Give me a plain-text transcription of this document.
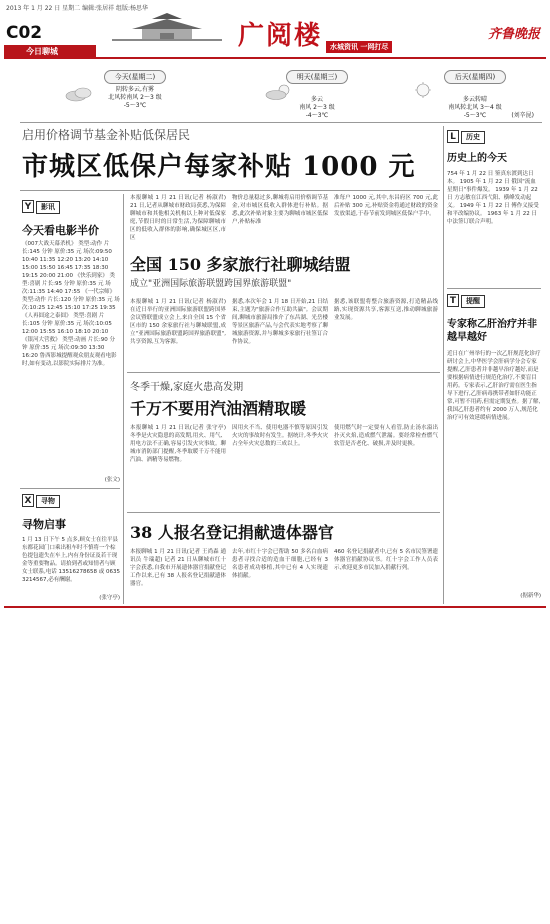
2013 年 1 月 22 日 星期二 编辑:张居祥 组版:杨思华
C02
今日聊城
广阅楼	水城资讯 一网打尽
齐鲁晚报
今天(星期二)
阴转多云,有雾
北风转南风 2～3 级
-5～3℃
明天(星期三)
多云
南风 2～3 级
-4～3℃
后天(星期四)
多云转晴
南风转北风 3～4 级
-5～3℃	(刘辛昆)
启用价格调节基金补贴低保居民
市城区低保户每家补贴 1000 元
本报聊城 1 月 21 日讯(记者 杨淑君) 21 日,记者从聊城市财政局获悉,为保障聊城市和其他相关机构以上种对低保家庭,节假日时的日常生活,为保障聊城市区的低收入群体的影响,确保城区区,市区
物价总量稳过多,聊城将启用价格调节基金,对市城区低收入群体进行补贴。据悉,此次补贴对象主要为聊城市城区低保户,补贴标准
准每户 1000 元,其中,东昌府区 700 元,此后补贴 300 元,补贴资金将通过财政的资金发放渠道,于春节前发到城区低保户手中。
全国 150 多家旅行社聊城结盟
成立"亚洲国际旅游联盟跨国界旅游联盟"
本报聊城 1 月 21 日讯(记者 杨淑君) 在近日举行的亚洲国际旅游联盟跨国界会议暨联盟成立会上,来自全国 15 个省区市的 150 余家旅行社与聊城联盟,成立"亚洲国际旅游联盟跨国界旅游联盟",共享资源,互为客源。
据悉,本次年会 1 月 18 日开始,21 日结束,主题为"旅游合作互助共赢"。会议期间,聊城市旅游局推介了东昌湖、光岳楼等景区旅游产品,与会代表实地考察了聊城旅游资源,并与聊城多家旅行社签订合作协议。
据悉,该联盟将整合旅游资源,打造精品线路,实现资源共享,客源互送,推动聊城旅游业发展。
冬季干燥,家庭火患高发期
千万不要用汽油酒精取暖
本报聊城 1 月 21 日讯(记者 张守亭) 冬季是火灾隐患的高发期,用火、用气、用电方法不正确,容易引发火灾事故。聊城市消防部门提醒,冬季取暖千万不能用汽油、酒精等易燃物。
因用火不当、使用电器不慎等原因引发火灾的事故时有发生。据统计,冬季火灾占全年火灾总数的三成以上。
使用燃气时一定要有人看管,防止汤水溢出扑灭火焰,造成燃气泄漏。要经常检查燃气软管是否老化、破损,并及时更换。
38 人报名登记捐献遗体器官
本报聊城 1 月 21 日讯(记者 王尚森 通讯员 牛瑞超) 记者 21 日从聊城市红十字会获悉,自我市开展遗体器官捐献登记工作以来,已有 38 人报名登记捐献遗体器官。
去年,市红十字会已帮助 50 多名白血病患者寻找合适的造血干细胞,已经有 3 名患者成功移植,其中已有 4 人实现遗体捐献。
460 名登记捐献者中,已有 5 名市民签署遗体器官捐献协议书。红十字会工作人员表示,欢迎更多市民加入捐献行列。
Y 影讯
今天看电影半价
《007大战天幕杀机》 类型:动作 片长:145 分钟 原价:35 元 场次:09:50 10:40 11:35 12:20 13:20 14:10 15:00 15:50 16:45 17:35 18:30 19:15 20:00 21:00 《快乐到家》 类型:喜剧 片长:95 分钟 原价:35 元 场次:11:35 14:40 17:55 《一代宗师》 类型:动作 片长:120 分钟 原价:35 元 场次:10:25 12:45 15:10 17:25 19:35 《人再囧途之泰囧》 类型:喜剧 片长:105 分钟 原价:35 元 场次:10:05 12:00 15:55 16:10 18:10 20:10 《银河大营救》 类型:动画 片长:90 分钟 原价:35 元 场次:09:30 13:30 16:20 鲁西影城提醒观众朋友观看电影时,如有变动,以影院实际排片为准。
(张文)
X 寻物
寻物启事
1 月 13 日下午 5 点多,顾女士在往平县东都花园门口乘出租车时不慎将一个棕色提包遗失在车上,内有身份证及若干现金等重要物品。请拾到者或知情者与顾女士联系,电话 13516278658 或 0635 3214567,必有酬谢。
(张守亭)
L 历史
历史上的今天
754 年 1 月 22 日 鉴真东渡到达日本。 1905 年 1 月 22 日 俄国"流血星期日"事件爆发。 1939 年 1 月 22 日 方志敏在江西弋阳、横峰发动起义。 1949 年 1 月 22 日 傅作义接受和平改编协议。 1963 年 1 月 22 日 中法签订联合声明。
T 提醒
专家称乙肝治疗并非越早越好
近日在广州举行的一次乙肝规范化诊疗研讨会上,中华医学会肝病学分会专家提醒,乙肝患者并非越早治疗越好,而是要根据病情进行规范化治疗,不要盲目用药。专家表示,乙肝治疗需在医生指导下进行,乙肝病毒携带者如肝功能正常,可暂不用药,但需定期复查。据了解,我国乙肝患者约有 2000 万人,规范化治疗可有效延缓病情进展。
(据新华)
